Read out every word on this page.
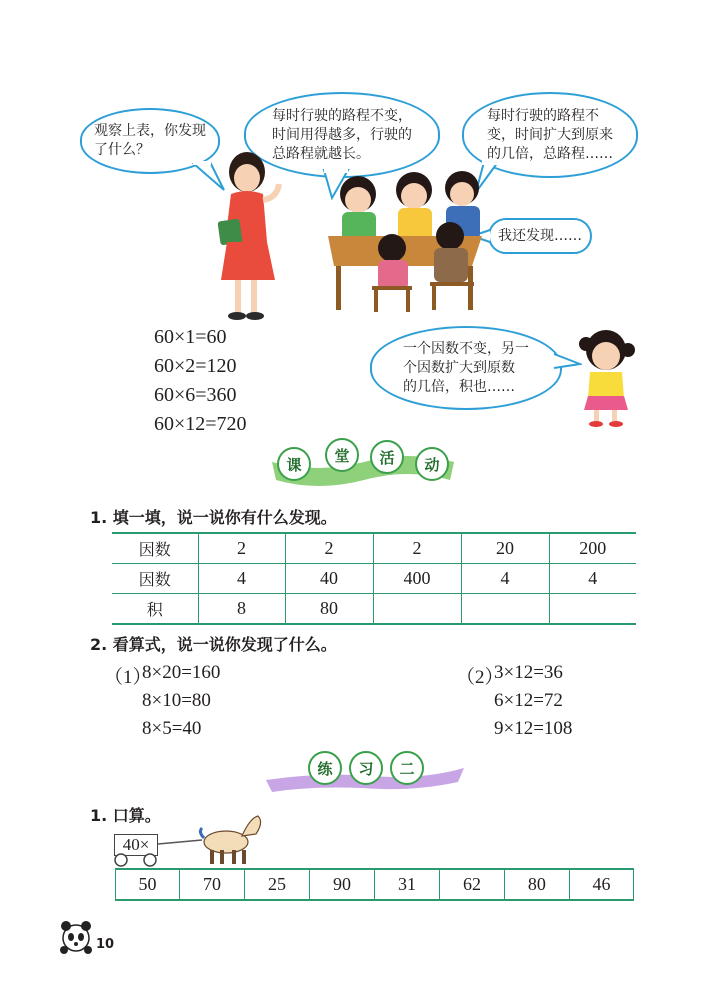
观察上表，你发现
了什么？
每时行驶的路程不变，
时间用得越多，行驶的
总路程就越长。
每时行驶的路程不
变，时间扩大到原来
的几倍，总路程……
我还发现……
一个因数不变，另一
个因数扩大到原数
的几倍，积也……
60×1=60
60×2=120
60×6=360
60×12=720
课	堂	活	动
1. 填一填，说一说你有什么发现。
因数	2	2	2	20	200
因数	4	40	400	4	4
积	8	80			
2. 看算式，说一说你发现了什么。
（1）
8×20=160
8×10=80
8×5=40
（2）
3×12=36
6×12=72
9×12=108
练	习	二
1. 口算。
40×
50	70	25	90	31	62	80	46
10
